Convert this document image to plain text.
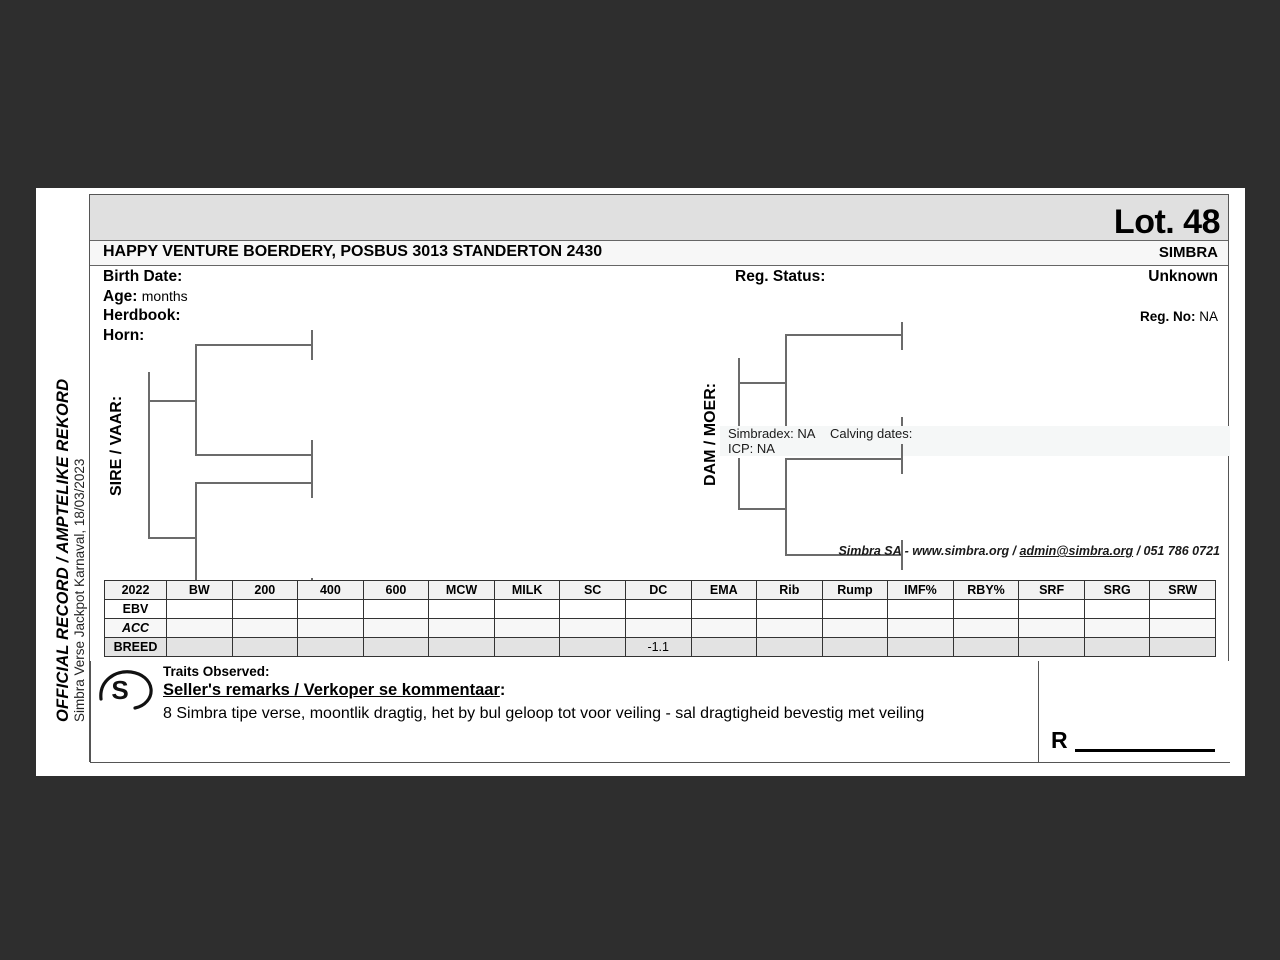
OFFICIAL RECORD / AMPTELIKE REKORD Simbra Verse Jackpot Karnaval, 18/03/2023
Lot. 48
HAPPY VENTURE BOERDERY, POSBUS 3013 STANDERTON 2430	SIMBRA
Birth Date:
Age: months
Herdbook:
Horn:
Reg. Status:	Unknown
Reg. No: NA
SIRE / VAAR:	DAM / MOER: Simbradex: NA
ICP: NA
Calving dates:
Simbra SA - www.simbra.org / admin@simbra.org / 051 786 0721
2022	BW	200	400	600	MCW	MILK	SC	DC	EMA	Rib	Rump	IMF%	RBY%	SRF	SRG	SRW
EBV																
ACC																
BREED								-1.1								
S
Traits Observed:
Seller's remarks / Verkoper se kommentaar:
8 Simbra tipe verse, moontlik dragtig, het by bul geloop tot voor veiling - sal dragtigheid bevestig met veiling
R
